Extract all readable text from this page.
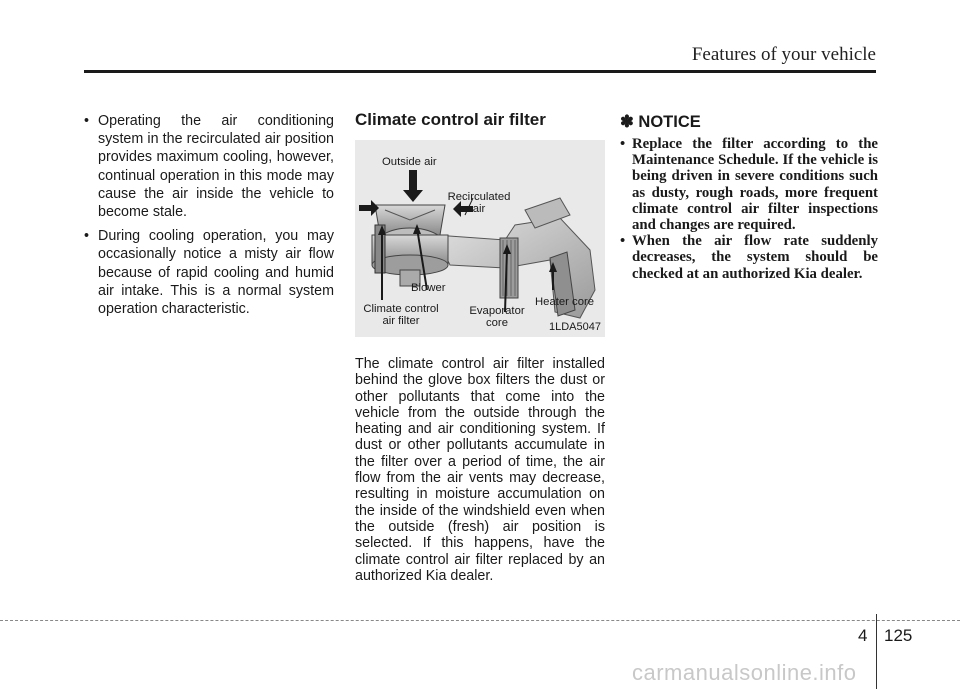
Features of your vehicle

• Operating the air conditioning system in the recirculated air position provides maximum cooling, however, continual operation in this mode may cause the air inside the vehicle to become stale.

• During cooling operation, you may occasionally notice a misty air flow because of rapid cooling and humid air intake. This is a normal system operation characteristic.

Climate control air filter
Outside air
Recirculated air
Blower
Climate control air filter
Evaporator core
Heater core
1LDA5047

The climate control air filter installed behind the glove box filters the dust or other pollutants that come into the vehicle from the outside through the heating and air conditioning system. If dust or other pollutants accumulate in the filter over a period of time, the air flow from the air vents may decrease, resulting in moisture accumulation on the inside of the windshield even when the outside (fresh) air position is selected. If this happens, have the climate control air filter replaced by an authorized Kia dealer.

✽ NOTICE

• Replace the filter according to the Maintenance Schedule. If the vehicle is being driven in severe conditions such as dusty, rough roads, more frequent climate control air filter inspections and changes are required.

• When the air flow rate suddenly decreases, the system should be checked at an authorized Kia dealer.

4 125
carmanualsonline.info
